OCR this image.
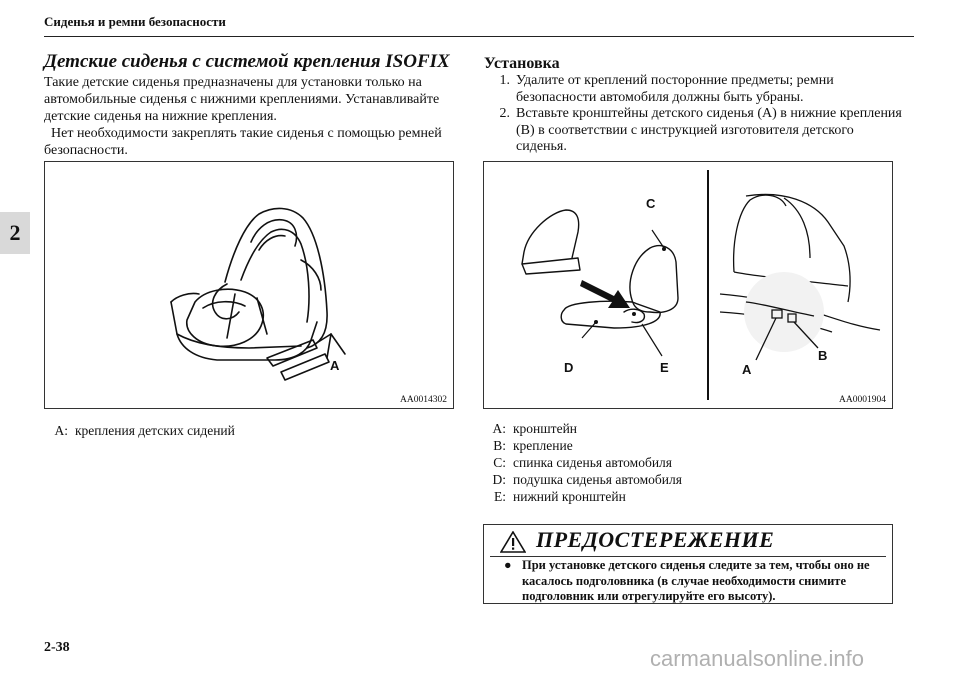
Сиденья и ремни безопасности
2
Детские сиденья с системой крепления ISOFIX
Такие детские сиденья предназначены для установки только на автомобильные сиденья с нижними креплениями. Устанавливайте детские сиденья на нижние крепления.
Нет необходимости закреплять такие сиденья с помощью ремней безопасности.
Установка
1. Удалите от креплений посторонние предметы; ремни безопасности автомобиля должны быть убраны.
2. Вставьте кронштейны детского сиденья (A) в нижние крепления (B) в соответствии с инструкцией изготовителя детского сиденья.
A
AA0014302
C
D	E	A
B
AA0001904
A: крепления детских сидений	A: кронштейн
B: крепление
C: спинка сиденья автомобиля
D: подушка сиденья автомобиля
E: нижний кронштейн
ПРЕДОСТЕРЕЖЕНИЕ
● При установке детского сиденья следите за тем, чтобы оно не касалось подголовника (в случае необходимости снимите подголовник или отрегулируйте его высоту).
2-38	carmanualsonline.info
